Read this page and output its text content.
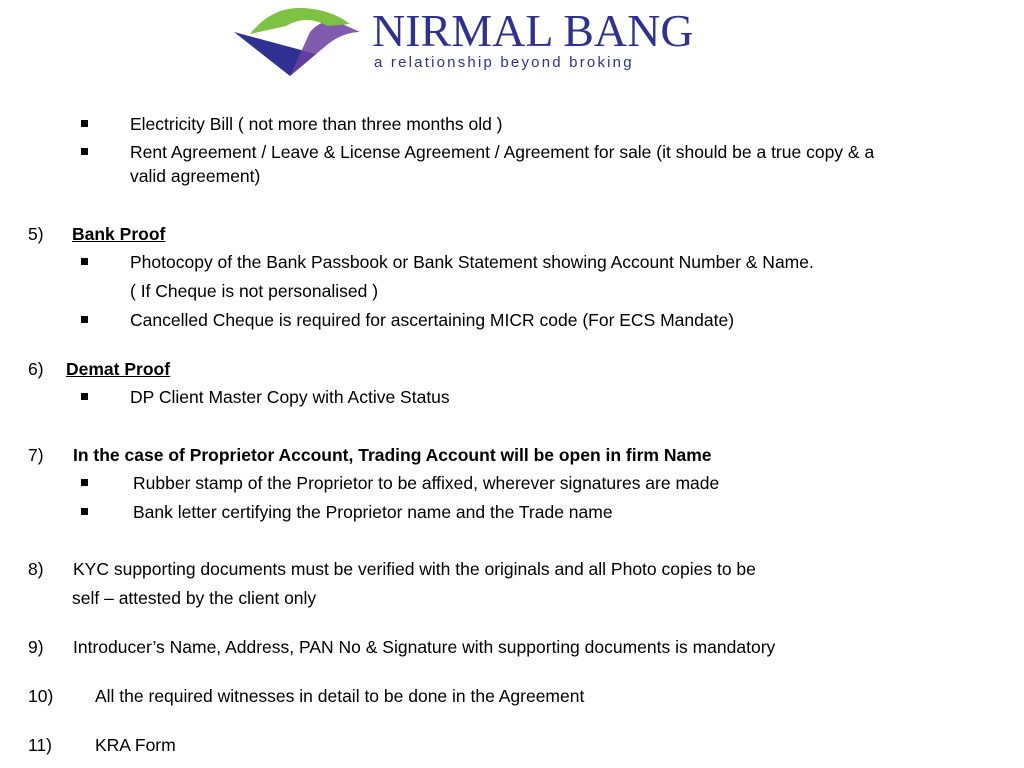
NIRMAL BANG
a relationship beyond broking
Electricity Bill ( not more than three months old )
Rent Agreement / Leave & License Agreement / Agreement for sale (it should be a true copy & a
valid agreement)
5) Bank Proof
Photocopy of the Bank Passbook or Bank Statement showing Account Number & Name.
( If Cheque is not personalised )
Cancelled Cheque is required for ascertaining MICR code (For ECS Mandate)
6) Demat Proof
DP Client Master Copy with Active Status
7) In the case of Proprietor Account, Trading Account will be open in firm Name
Rubber stamp of the Proprietor to be affixed, wherever signatures are made
Bank letter certifying the Proprietor name and the Trade name
8) KYC supporting documents must be verified with the originals and all Photo copies to be
self – attested by the client only
9) Introducer’s Name, Address, PAN No & Signature with supporting documents is mandatory
10) All the required witnesses in detail to be done in the Agreement
11) KRA Form
